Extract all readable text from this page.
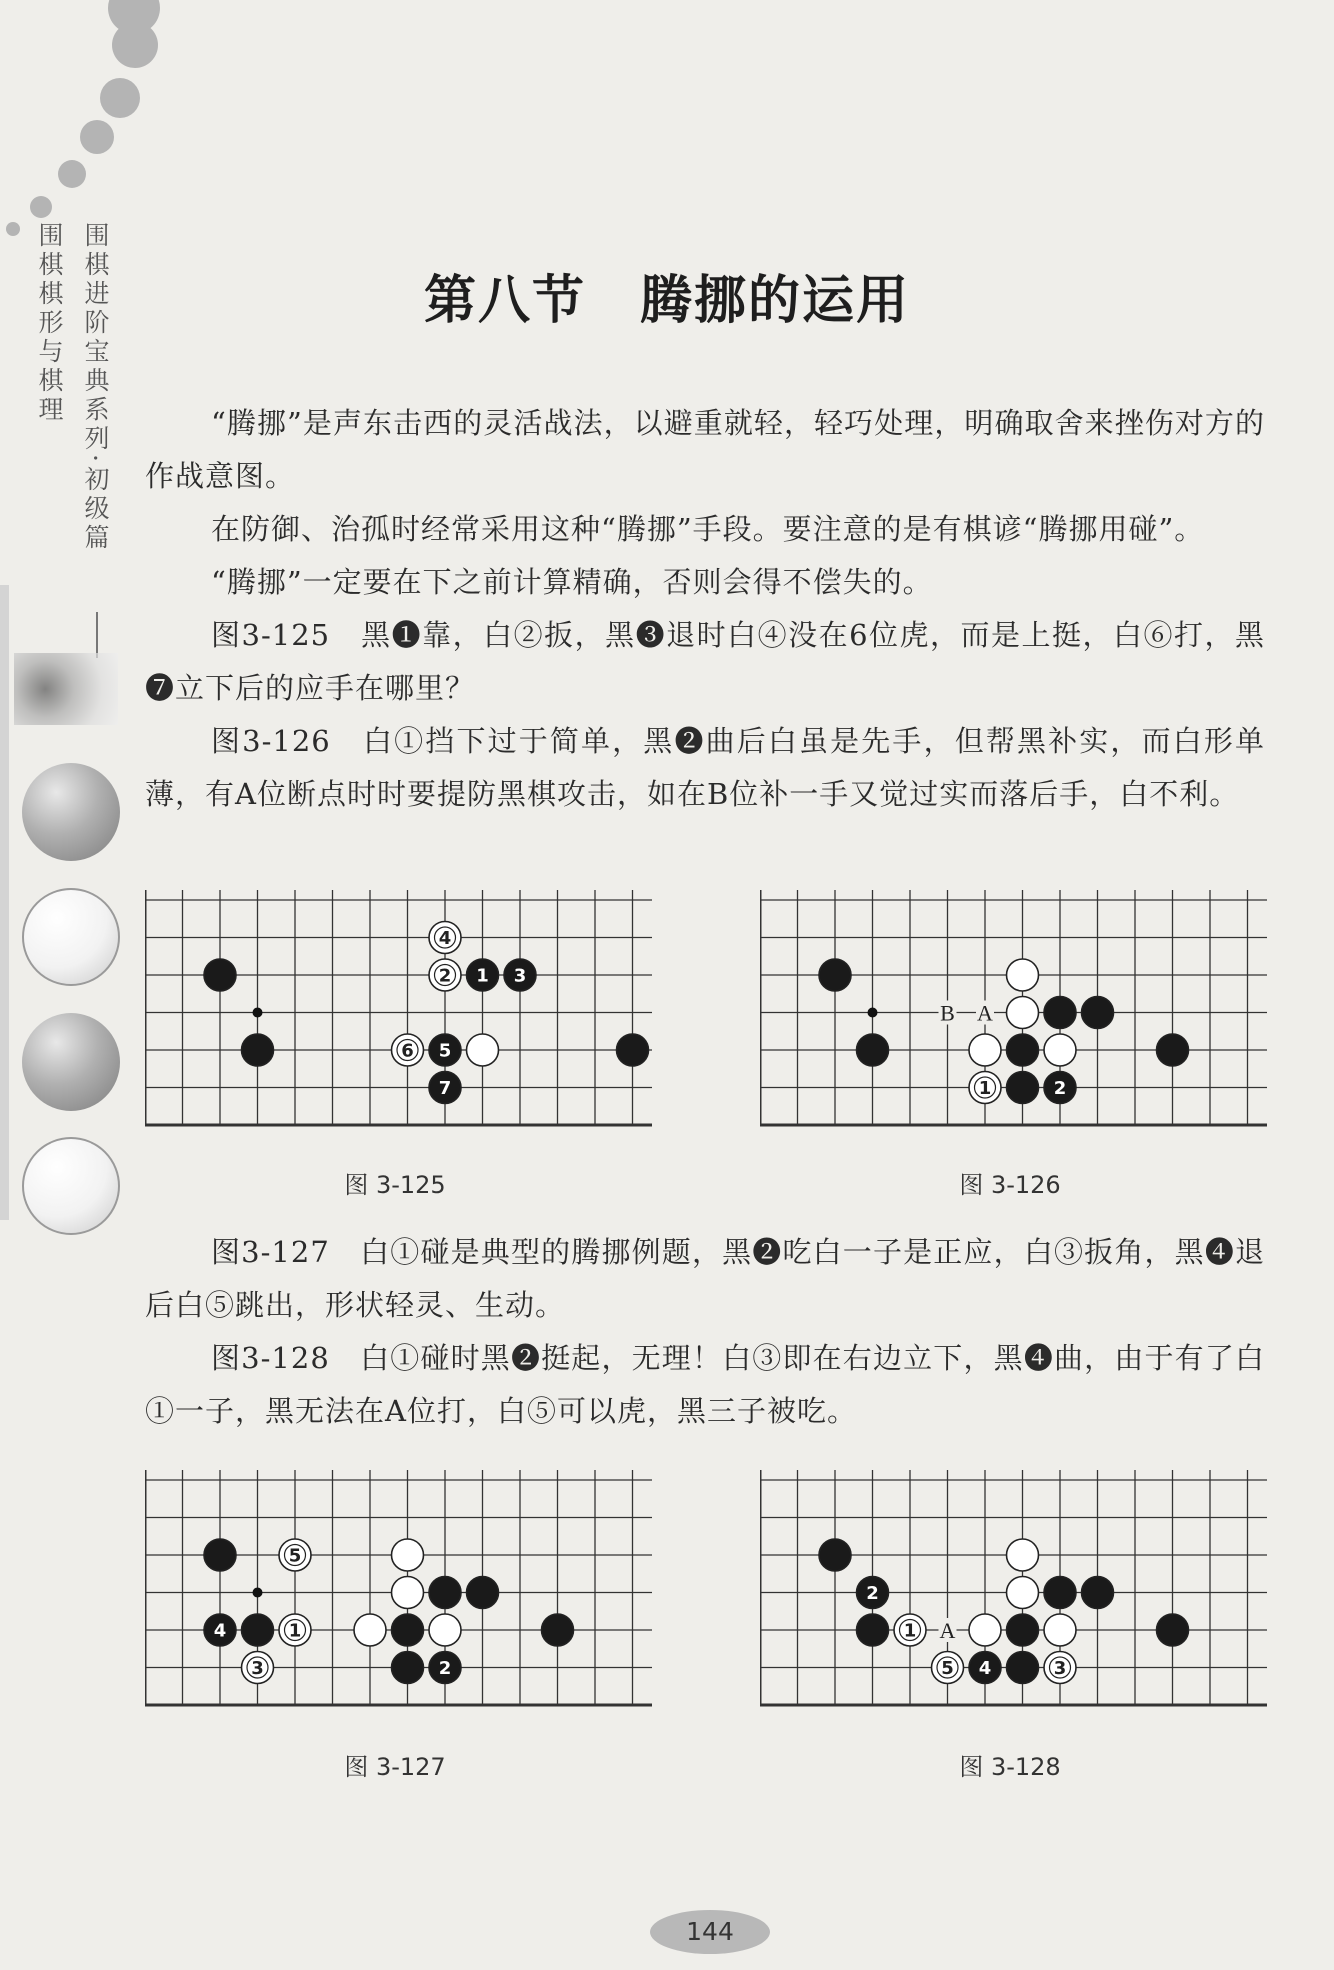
围棋进阶宝典系列·初级篇
围棋棋形与棋理	第八节　腾挪的运用

“腾挪”是声东击西的灵活战法，以避重就轻，轻巧处理，明确取舍来挫伤对方的作战意图。

在防御、治孤时经常采用这种“腾挪”手段。要注意的是有棋谚“腾挪用碰”。

“腾挪”一定要在下之前计算精确，否则会得不偿失的。

图3-125　黑❶靠，白②扳，黑❸退时白④没在6位虎，而是上挺，白⑥打，黑❼立下后的应手在哪里？

图3-126　白①挡下过于简单，黑❷曲后白虽是先手，但帮黑补实，而白形单薄，有A位断点时时要提防黑棋攻击，如在B位补一手又觉过实而落后手，白不利。

4
2 1 3
6 5
7
B A
1	2
图 3-125	图 3-126

图3-127　白①碰是典型的腾挪例题，黑❷吃白一子是正应，白③扳角，黑❹退后白⑤跳出，形状轻灵、生动。

图3-128　白①碰时黑❷挺起，无理！白③即在右边立下，黑❹曲，由于有了白①一子，黑无法在A位打，白⑤可以虎，黑三子被吃。

5
4	1
3	2
A
2
1
5 4	3
图 3-127	图 3-128
144
